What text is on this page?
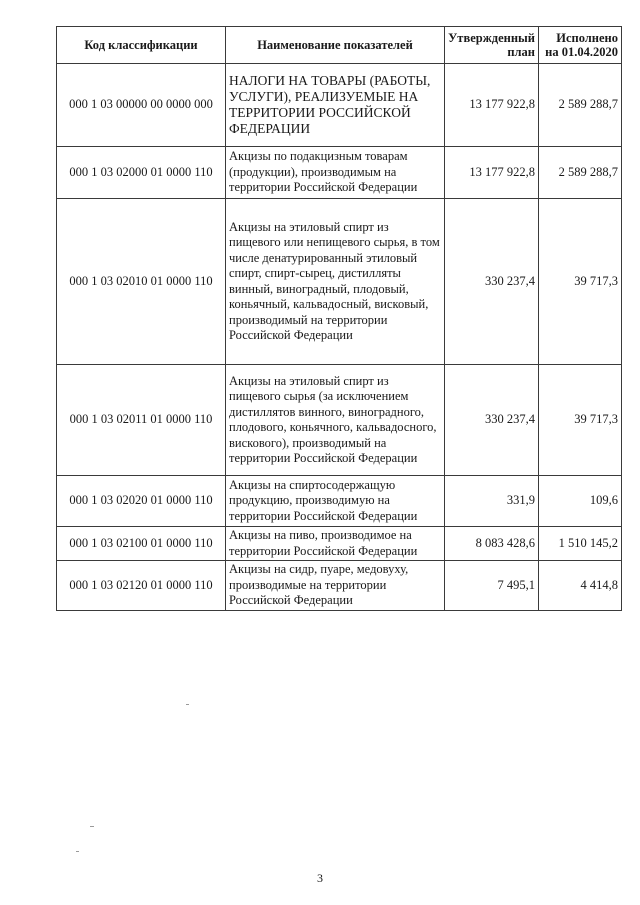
Код классификации	Наименование показателей	Утвержденный план	Исполнено на 01.04.2020
000 1 03 00000 00 0000 000	НАЛОГИ НА ТОВАРЫ (РАБОТЫ, УСЛУГИ), РЕАЛИЗУЕМЫЕ НА ТЕРРИТОРИИ РОССИЙСКОЙ ФЕДЕРАЦИИ	13 177 922,8	2 589 288,7
000 1 03 02000 01 0000 110	Акцизы по подакцизным товарам (продукции), производимым на территории Российской Федерации	13 177 922,8	2 589 288,7
000 1 03 02010 01 0000 110	Акцизы на этиловый спирт из пищевого или непищевого сырья, в том числе денатурированный этиловый спирт, спирт-сырец, дистилляты винный, виноградный, плодовый, коньячный, кальвадосный, висковый, производимый на территории Российской Федерации	330 237,4	39 717,3
000 1 03 02011 01 0000 110	Акцизы на этиловый спирт из пищевого сырья (за исключением дистиллятов винного, виноградного, плодового, коньячного, кальвадосного, вискового), производимый на территории Российской Федерации	330 237,4	39 717,3
000 1 03 02020 01 0000 110	Акцизы на спиртосодержащую продукцию, производимую на территории Российской Федерации	331,9	109,6
000 1 03 02100 01 0000 110	Акцизы на пиво, производимое на территории Российской Федерации	8 083 428,6	1 510 145,2
000 1 03 02120 01 0000 110	Акцизы на сидр, пуаре, медовуху, производимые на территории Российской Федерации	7 495,1	4 414,8
3
